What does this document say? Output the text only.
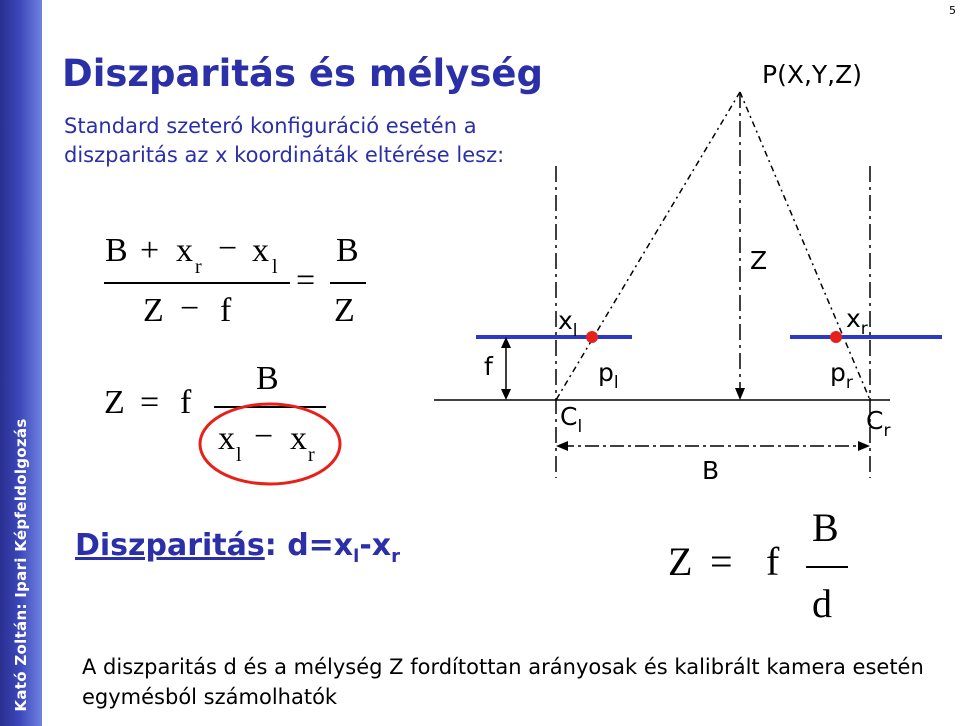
Kató Zoltán: Ipari Képfeldolgozás
5
Diszparitás és mélység
Standard szeteró konfiguráció esetén a diszparitás az x koordináták eltérése lesz:
B + x r − x l
Z − f
=
B
Z
Z = f
B
x l − x r
P(X,Y,Z)
Z
f
$x_l$	$x_r$
$p_l$	$p_r$
$C_l$	$C_r$
B
Diszparitás: $d=x_l-x_r$	Z = f
B
d
A diszparitás d és a mélység Z fordítottan arányosak és kalibrált kamera esetén egymésból számolhatók
